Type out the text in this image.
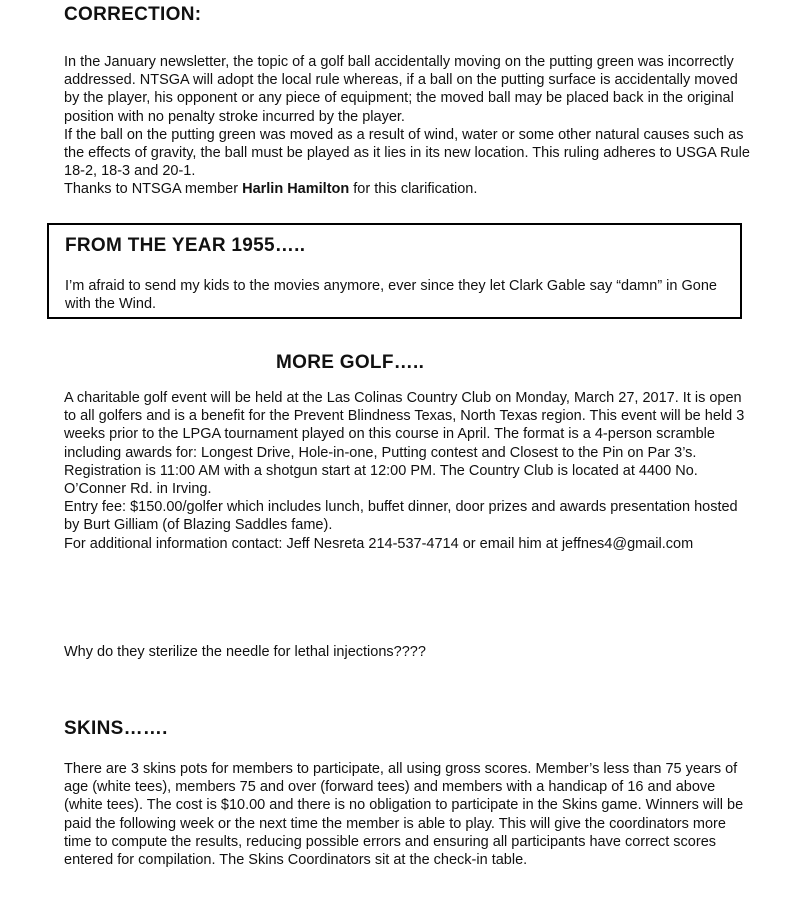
CORRECTION:
In the January newsletter, the topic of a golf ball accidentally moving on the putting green was incorrectly addressed. NTSGA will adopt the local rule whereas, if a ball on the putting surface is accidentally moved by the player, his opponent or any piece of equipment; the moved ball may be placed back in the original position with no penalty stroke incurred by the player.
If the ball on the putting green was moved as a result of wind, water or some other natural causes such as the effects of gravity, the ball must be played as it lies in its new location. This ruling adheres to USGA Rule 18-2, 18-3 and 20-1.
Thanks to NTSGA member Harlin Hamilton for this clarification.
FROM THE YEAR 1955…..
I’m afraid to send my kids to the movies anymore, ever since they let Clark Gable say “damn” in Gone with the Wind.
MORE GOLF…..
A charitable golf event will be held at the Las Colinas Country Club on Monday, March 27, 2017. It is open to all golfers and is a benefit for the Prevent Blindness Texas, North Texas region. This event will be held 3 weeks prior to the LPGA tournament played on this course in April. The format is a 4-person scramble including awards for: Longest Drive, Hole-in-one, Putting contest and Closest to the Pin on Par 3’s.
Registration is 11:00 AM with a shotgun start at 12:00 PM. The Country Club is located at 4400 No. O’Conner Rd. in Irving.
Entry fee: $150.00/golfer which includes lunch, buffet dinner, door prizes and awards presentation hosted by Burt Gilliam (of Blazing Saddles fame).
For additional information contact: Jeff Nesreta 214-537-4714 or email him at jeffnes4@gmail.com
Why do they sterilize the needle for lethal injections????
SKINS…….
There are 3 skins pots for members to participate, all using gross scores. Member’s less than 75 years of age (white tees), members 75 and over (forward tees) and members with a handicap of 16 and above (white tees). The cost is $10.00 and there is no obligation to participate in the Skins game. Winners will be paid the following week or the next time the member is able to play. This will give the coordinators more time to compute the results, reducing possible errors and ensuring all participants have correct scores entered for compilation. The Skins Coordinators sit at the check-in table.
